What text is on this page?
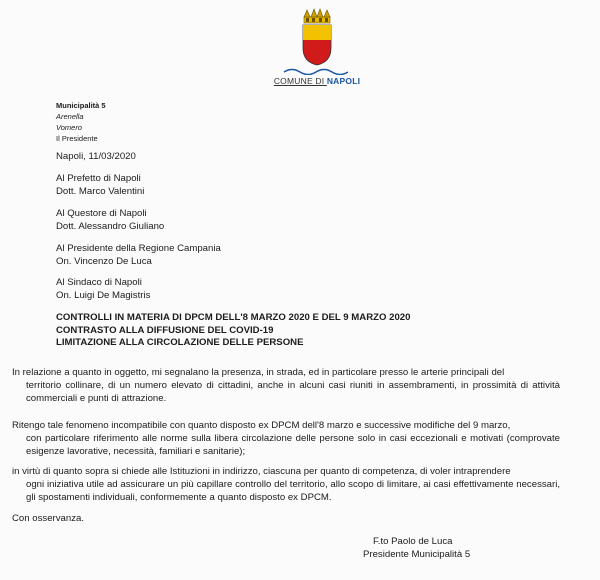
COMUNE DI NAPOLI
Municipalità 5
Arenella
Vomero
Il Presidente
Napoli, 11/03/2020
Al Prefetto di Napoli
Dott. Marco Valentini
Al Questore di Napoli
Dott. Alessandro Giuliano
Al Presidente della Regione Campania
On. Vincenzo De Luca
Al Sindaco di Napoli
On. Luigi De Magistris
CONTROLLI IN MATERIA DI DPCM DELL'8 MARZO 2020 E DEL 9 MARZO 2020
CONTRASTO ALLA DIFFUSIONE DEL COVID-19
LIMITAZIONE ALLA CIRCOLAZIONE DELLE PERSONE
In relazione a quanto in oggetto, mi segnalano la presenza, in strada, ed in particolare presso le arterie principali del
territorio collinare, di un numero elevato di cittadini, anche in alcuni casi riuniti in assembramenti, in prossimità di attività commerciali e punti di attrazione.
Ritengo tale fenomeno incompatibile con quanto disposto ex DPCM dell'8 marzo e successive modifiche del 9 marzo,
con particolare riferimento alle norme sulla libera circolazione delle persone solo in casi eccezionali e motivati (comprovate esigenze lavorative, necessità, familiari e sanitarie);
in virtù di quanto sopra si chiede alle Istituzioni in indirizzo, ciascuna per quanto di competenza, di voler intraprendere
ogni iniziativa utile ad assicurare un più capillare controllo del territorio, allo scopo di limitare, ai casi effettivamente necessari, gli spostamenti individuali, conformemente a quanto disposto ex DPCM.
Con osservanza.
F.to Paolo de Luca
Presidente Municipalità 5
